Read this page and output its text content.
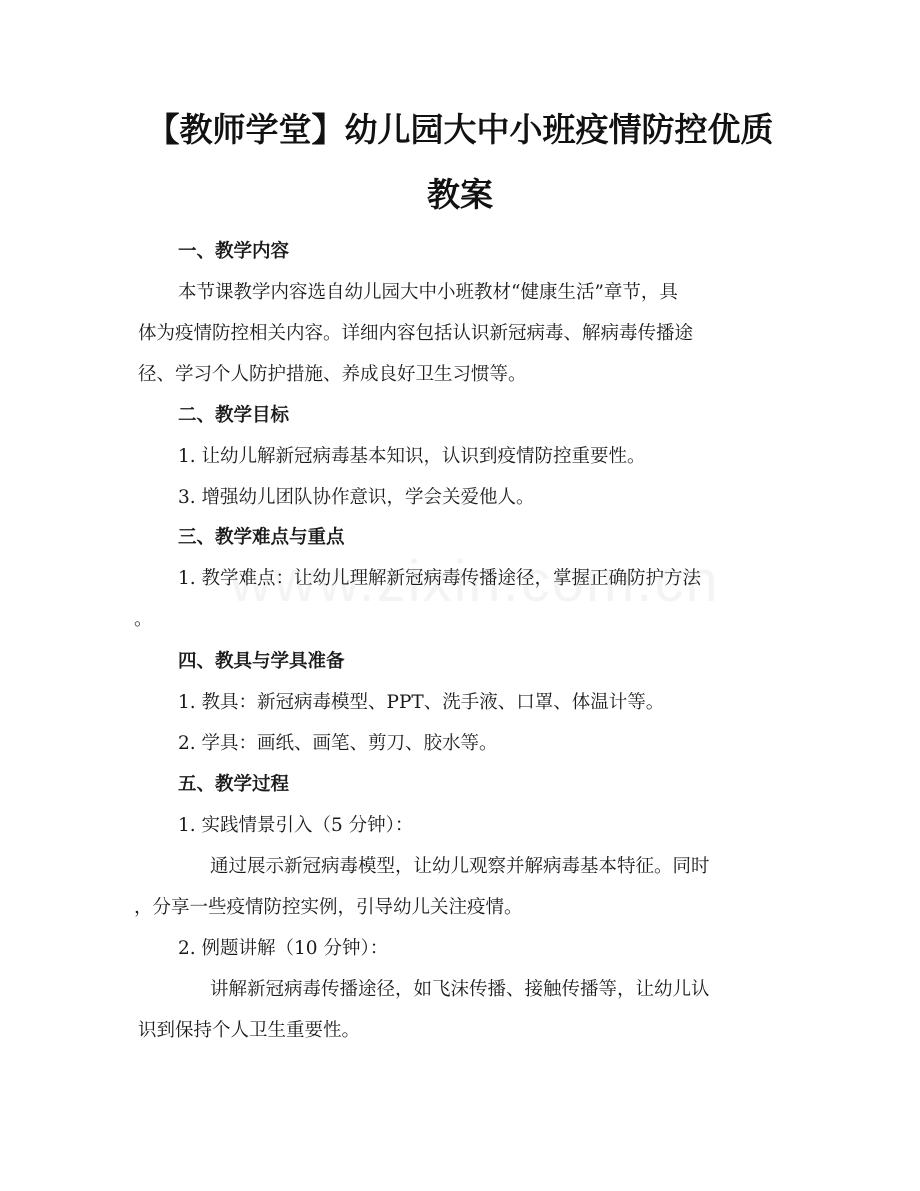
【教师学堂】幼儿园大中小班疫情防控优质
教案
一、教学内容
本节课教学内容选自幼儿园大中小班教材“健康生活”章节，具
体为疫情防控相关内容。详细内容包括认识新冠病毒、解病毒传播途
径、学习个人防护措施、养成良好卫生习惯等。
二、教学目标
1. 让幼儿解新冠病毒基本知识，认识到疫情防控重要性。
3. 增强幼儿团队协作意识，学会关爱他人。
三、教学难点与重点
1. 教学难点：让幼儿理解新冠病毒传播途径，掌握正确防护方法
。
四、教具与学具准备
1. 教具：新冠病毒模型、PPT、洗手液、口罩、体温计等。
2. 学具：画纸、画笔、剪刀、胶水等。
五、教学过程
1. 实践情景引入（5 分钟）：
通过展示新冠病毒模型，让幼儿观察并解病毒基本特征。同时
，分享一些疫情防控实例，引导幼儿关注疫情。
2. 例题讲解（10 分钟）：
讲解新冠病毒传播途径，如飞沫传播、接触传播等，让幼儿认
识到保持个人卫生重要性。
